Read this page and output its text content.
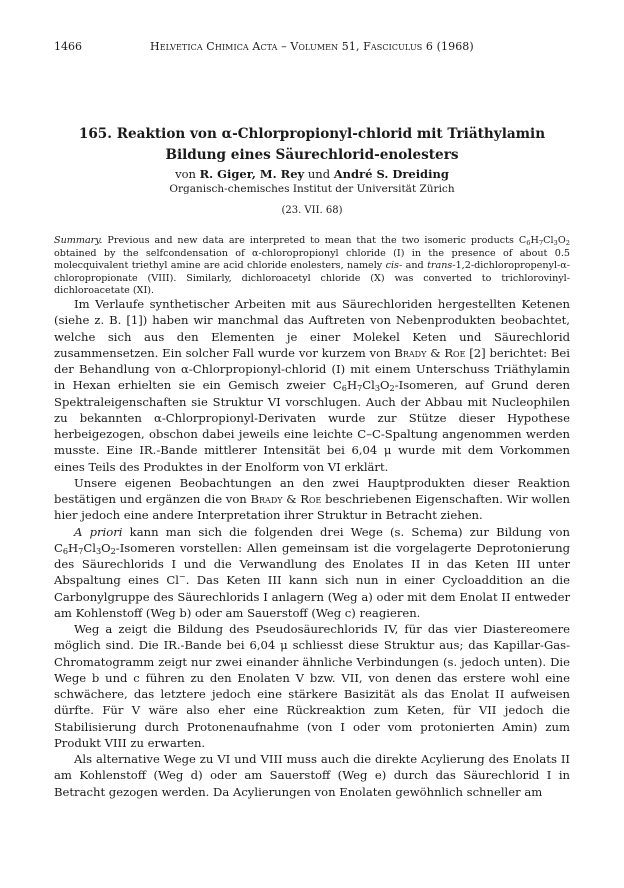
1466	Helvetica Chimica Acta – Volumen 51, Fasciculus 6 (1968)
165. Reaktion von α-Chlorpropionyl-chlorid mit Triäthylamin
Bildung eines Säurechlorid-enolesters
von R. Giger, M. Rey und André S. Dreiding
Organisch-chemisches Institut der Universität Zürich
(23. VII. 68)
Summary. Previous and new data are interpreted to mean that the two isomeric products $C_6H_7Cl_3O_2$ obtained by the selfcondensation of α-chloropropionyl chloride (I) in the presence of about 0.5 molecquivalent triethyl amine are acid chloride enolesters, namely cis- and trans-1,2-dichloropropenyl-α-chloropropionate (VIII). Similarly, dichloroacetyl chloride (X) was converted to trichlorovinyl-dichloroacetate (XI).

Im Verlaufe synthetischer Arbeiten mit aus Säurechloriden hergestellten Ketenen (siehe z. B. [1]) haben wir manchmal das Auftreten von Nebenprodukten beobachtet, welche sich aus den Elementen je einer Molekel Keten und Säurechlorid zusammensetzen. Ein solcher Fall wurde vor kurzem von Brady & Roe [2] berichtet: Bei der Behandlung von α-Chlorpropionyl-chlorid (I) mit einem Unterschuss Triäthylamin in Hexan erhielten sie ein Gemisch zweier $C_6H_7Cl_3O_2$-Isomeren, auf Grund deren Spektraleigenschaften sie Struktur VI vorschlugen. Auch der Abbau mit Nucleophilen zu bekannten α-Chlorpropionyl-Derivaten wurde zur Stütze dieser Hypothese herbeigezogen, obschon dabei jeweils eine leichte C–C-Spaltung angenommen werden musste. Eine IR.-Bande mittlerer Intensität bei 6,04 μ wurde mit dem Vorkommen eines Teils des Produktes in der Enolform von VI erklärt.

Unsere eigenen Beobachtungen an den zwei Hauptprodukten dieser Reaktion bestätigen und ergänzen die von Brady & Roe beschriebenen Eigenschaften. Wir wollen hier jedoch eine andere Interpretation ihrer Struktur in Betracht ziehen.

A priori kann man sich die folgenden drei Wege (s. Schema) zur Bildung von $C_6H_7Cl_3O_2$-Isomeren vorstellen: Allen gemeinsam ist die vorgelagerte Deprotonierung des Säurechlorids I und die Verwandlung des Enolates II in das Keten III unter Abspaltung eines Cl−. Das Keten III kann sich nun in einer Cycloaddition an die Carbonylgruppe des Säurechlorids I anlagern (Weg a) oder mit dem Enolat II entweder am Kohlenstoff (Weg b) oder am Sauerstoff (Weg c) reagieren.

Weg a zeigt die Bildung des Pseudosäurechlorids IV, für das vier Diastereomere möglich sind. Die IR.-Bande bei 6,04 μ schliesst diese Struktur aus; das Kapillar-Gas-Chromatogramm zeigt nur zwei einander ähnliche Verbindungen (s. jedoch unten). Die Wege b und c führen zu den Enolaten V bzw. VII, von denen das erstere wohl eine schwächere, das letztere jedoch eine stärkere Basizität als das Enolat II aufweisen dürfte. Für V wäre also eher eine Rückreaktion zum Keten, für VII jedoch die Stabilisierung durch Protonenaufnahme (von I oder vom protonierten Amin) zum Produkt VIII zu erwarten.

Als alternative Wege zu VI und VIII muss auch die direkte Acylierung des Enolats II am Kohlenstoff (Weg d) oder am Sauerstoff (Weg e) durch das Säurechlorid I in Betracht gezogen werden. Da Acylierungen von Enolaten gewöhnlich schneller am
